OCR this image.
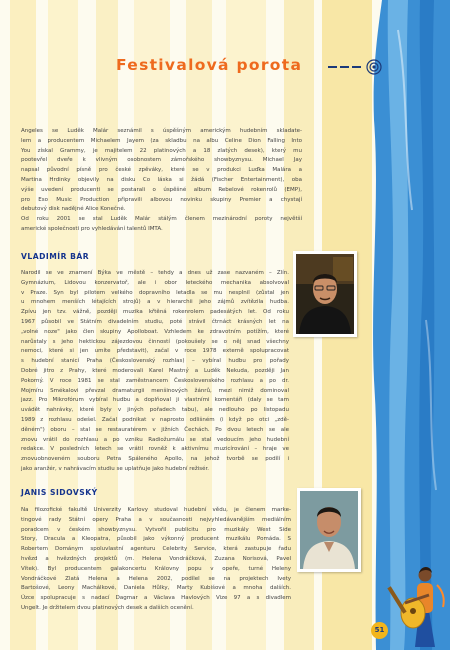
Festivalová porota
Angeles se Luděk Malár seznámil s úspěšným americkým hudebním skladate-
lem a producentem Michaelem Jayem (za skladbu na albu Celine Dion Falling Into
You získal Grammy, je majitelem 22 platinových a 18 zlatých desek), který mu
pootevřel dveře k vlivným osobnostem zámořského showbyznysu. Michael Jay
napsal původní písně pro české zpěváky, které se v produkci Luďka Malára a
Martina Hrdinky objevily na disku Co láska si žádá (Fischer Entertainment), oba
výše uvedení producenti se postarali o úspěšné album Rebelové rokenrolů (EMP),
pro Eso Music Production připravili albovou novinku skupiny Premier a chystají
debutový disk nadějné Alice Konečné.
Od roku 2001 se stal Luděk Malár stálým členem mezinárodní poroty největší
americké společnosti pro vyhledávání talentů IMTA.
VLADIMÍR BÁR
Narodil se ve znamení Býka ve městě – tehdy a dnes už zase nazvaném – Zlín.
Gymnázium, Lidovou konzervatoř, ale i obor leteckého mechanika absolvoval
v Praze. Syn byl pilotem velkého dopravního letadla se mu nesplnil (zůstal jen
u mnohem menších létajících strojů) a v hierarchii jeho zájmů zvítězila hudba.
Zpívu jen tzv. vážně, později muzika křtěná rokenrolem padesátých let. Od roku
1967 působil ve Státním divadelním studiu, poté strávil čtrnáct krásných let na
„volné noze" jako člen skupiny Apolloboat. Vzhledem ke zdravotním potížím, které
narůstaly s jeho hektickou zájezdovou činností (pokoušely se o něj snad všechny
nemoci, které si jen umíte představit), začal v roce 1978 externě spolupracovat
s hudební stanicí Praha (Československý rozhlas) – vybíral hudbu pro pořady
Dobré jitro z Prahy, které moderovali Karel Mastný a Luděk Nekuda, později Jan
Pokorný. V roce 1981 se stal zaměstnancem Československého rozhlasu a po dr.
Mojmíru Smékalovi převzal dramaturgii menšinových žánrů, mezi nimiž dominoval
jazz. Pro Mikrofórum vybíral hudbu a doplňoval ji vlastními komentáři (daly se tam
uvádět nahrávky, které byly v jiných pořadech tabu), ale nedlouho po listopadu
1989 z rozhlasu odešel. Začal podnikat v naprosto odlišném (i když po otci „zdě-
děném") oboru – stal se restauratérem v jižních Čechách. Po dvou letech se ale
znovu vrátil do rozhlasu a po vzniku Radiožurnálu se stal vedoucím jeho hudební
redakce. V posledních letech se vrátil rovněž k aktivnímu muzicírování – hraje ve
znovuobnoveném souboru Petra Spáleného Apollo, na jehož tvorbě se podílí i
jako aranžér, v nahrávacím studiu se uplatňuje jako hudební režisér.
JANIS SIDOVSKÝ
Na filozofické fakultě Univerzity Karlovy studoval hudební vědu, je členem marke-
tingové rady Státní opery Praha a v současnosti nejvyhledávanějším mediálním
poradcem v českém showbyznysu. Vytvořil publicitu pro muzikály West Side
Story, Dracula a Kleopatra, působil jako výkonný producent muzikálu Pomáda. S
Robertem Dománym spoluvlastní agenturu Celebrity Service, která zastupuje řadu
hvězd a hvězdných projektů (m. Helena Vondráčková, Zuzana Norisová, Pavel
Vítek). Byl producentem galakoncertu Královny popu v opeře, turné Heleny
Vondráčkové Zlatá Helena a Helena 2002, podílel se na projektech Ivety
Bartošové, Leony Machálkové, Daniela Hůlky, Marty Kubišové a mnoha dalších.
Úzce spolupracuje s nadací Dagmar a Václava Havlových Vize 97 a s divadlem
Ungelt. Je držitelem dvou platinových desek a dalších ocenění.
51
